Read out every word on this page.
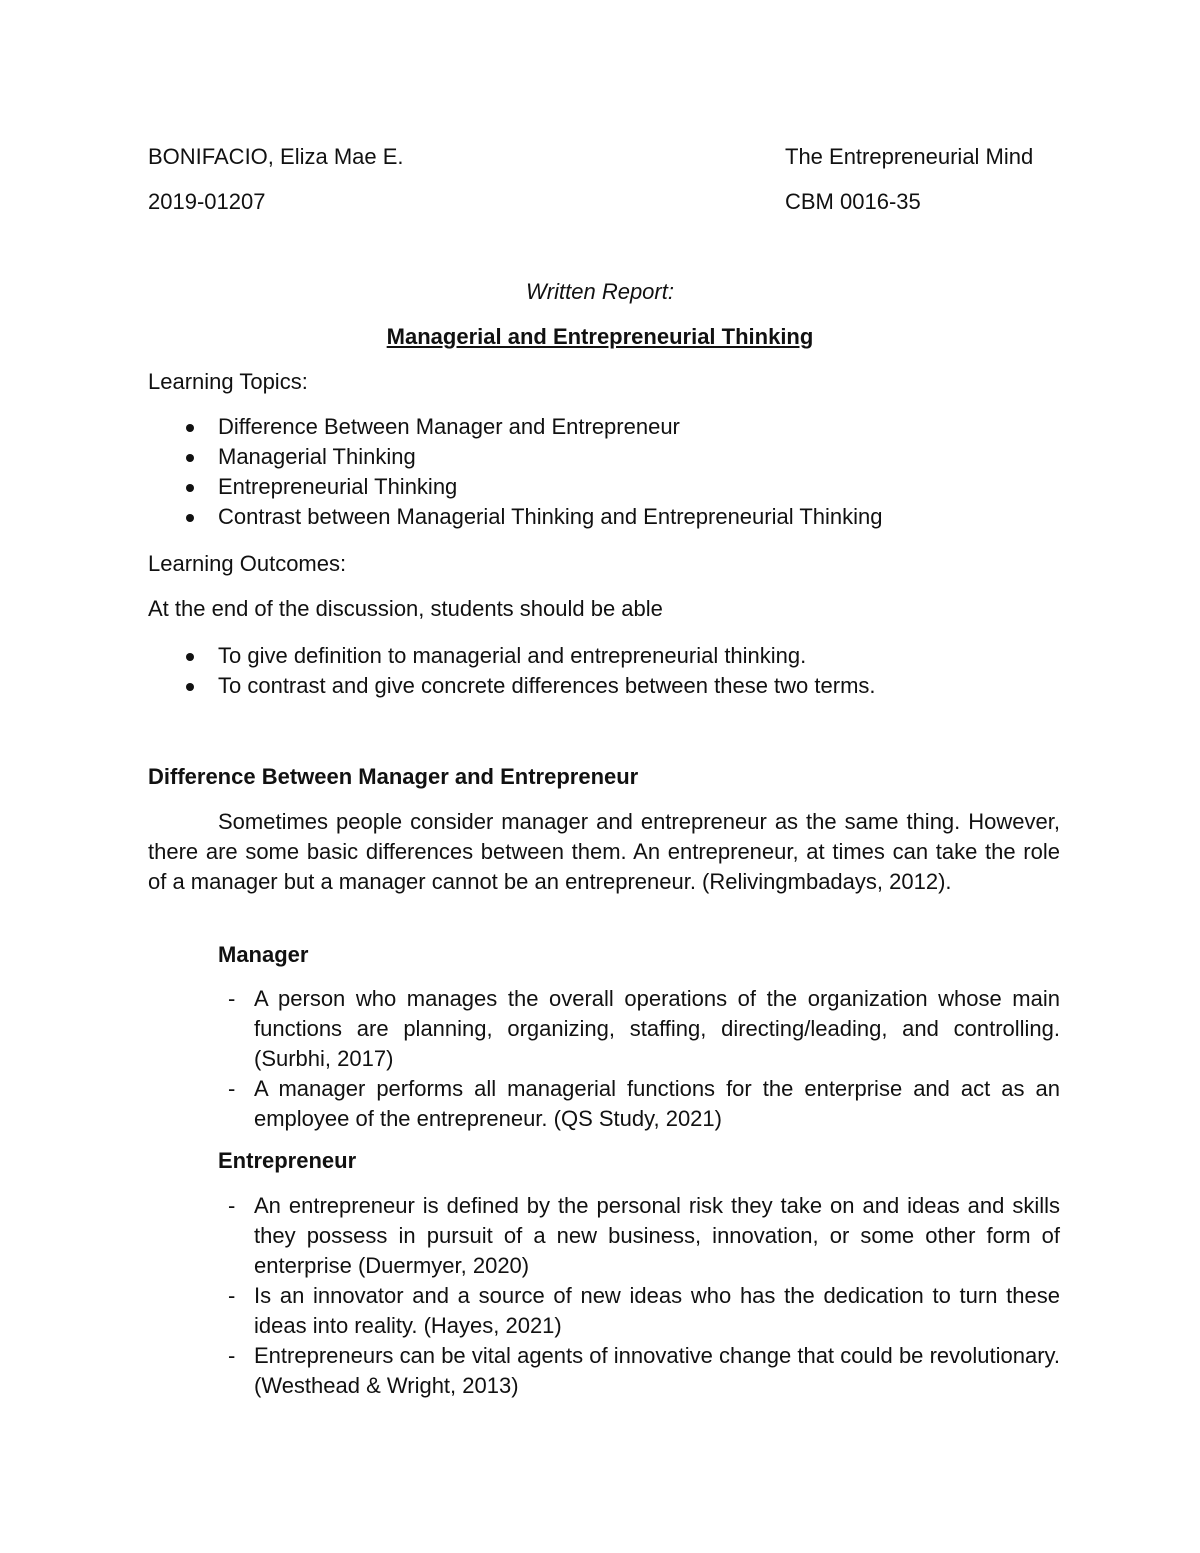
BONIFACIO, Eliza Mae E.
2019-01207
The Entrepreneurial Mind
CBM 0016-35
Written Report:
Managerial and Entrepreneurial Thinking
Learning Topics:
Difference Between Manager and Entrepreneur
Managerial Thinking
Entrepreneurial Thinking
Contrast between Managerial Thinking and Entrepreneurial Thinking
Learning Outcomes:
At the end of the discussion, students should be able
To give definition to managerial and entrepreneurial thinking.
To contrast and give concrete differences between these two terms.
Difference Between Manager and Entrepreneur
Sometimes people consider manager and entrepreneur as the same thing. However, there are some basic differences between them. An entrepreneur, at times can take the role of a manager but a manager cannot be an entrepreneur. (Relivingmbadays, 2012).
Manager
- A person who manages the overall operations of the organization whose main functions are planning, organizing, staffing, directing/leading, and controlling. (Surbhi, 2017)
- A manager performs all managerial functions for the enterprise and act as an employee of the entrepreneur. (QS Study, 2021)
Entrepreneur
- An entrepreneur is defined by the personal risk they take on and ideas and skills they possess in pursuit of a new business, innovation, or some other form of enterprise (Duermyer, 2020)
- Is an innovator and a source of new ideas who has the dedication to turn these ideas into reality. (Hayes, 2021)
- Entrepreneurs can be vital agents of innovative change that could be revolutionary. (Westhead & Wright, 2013)
